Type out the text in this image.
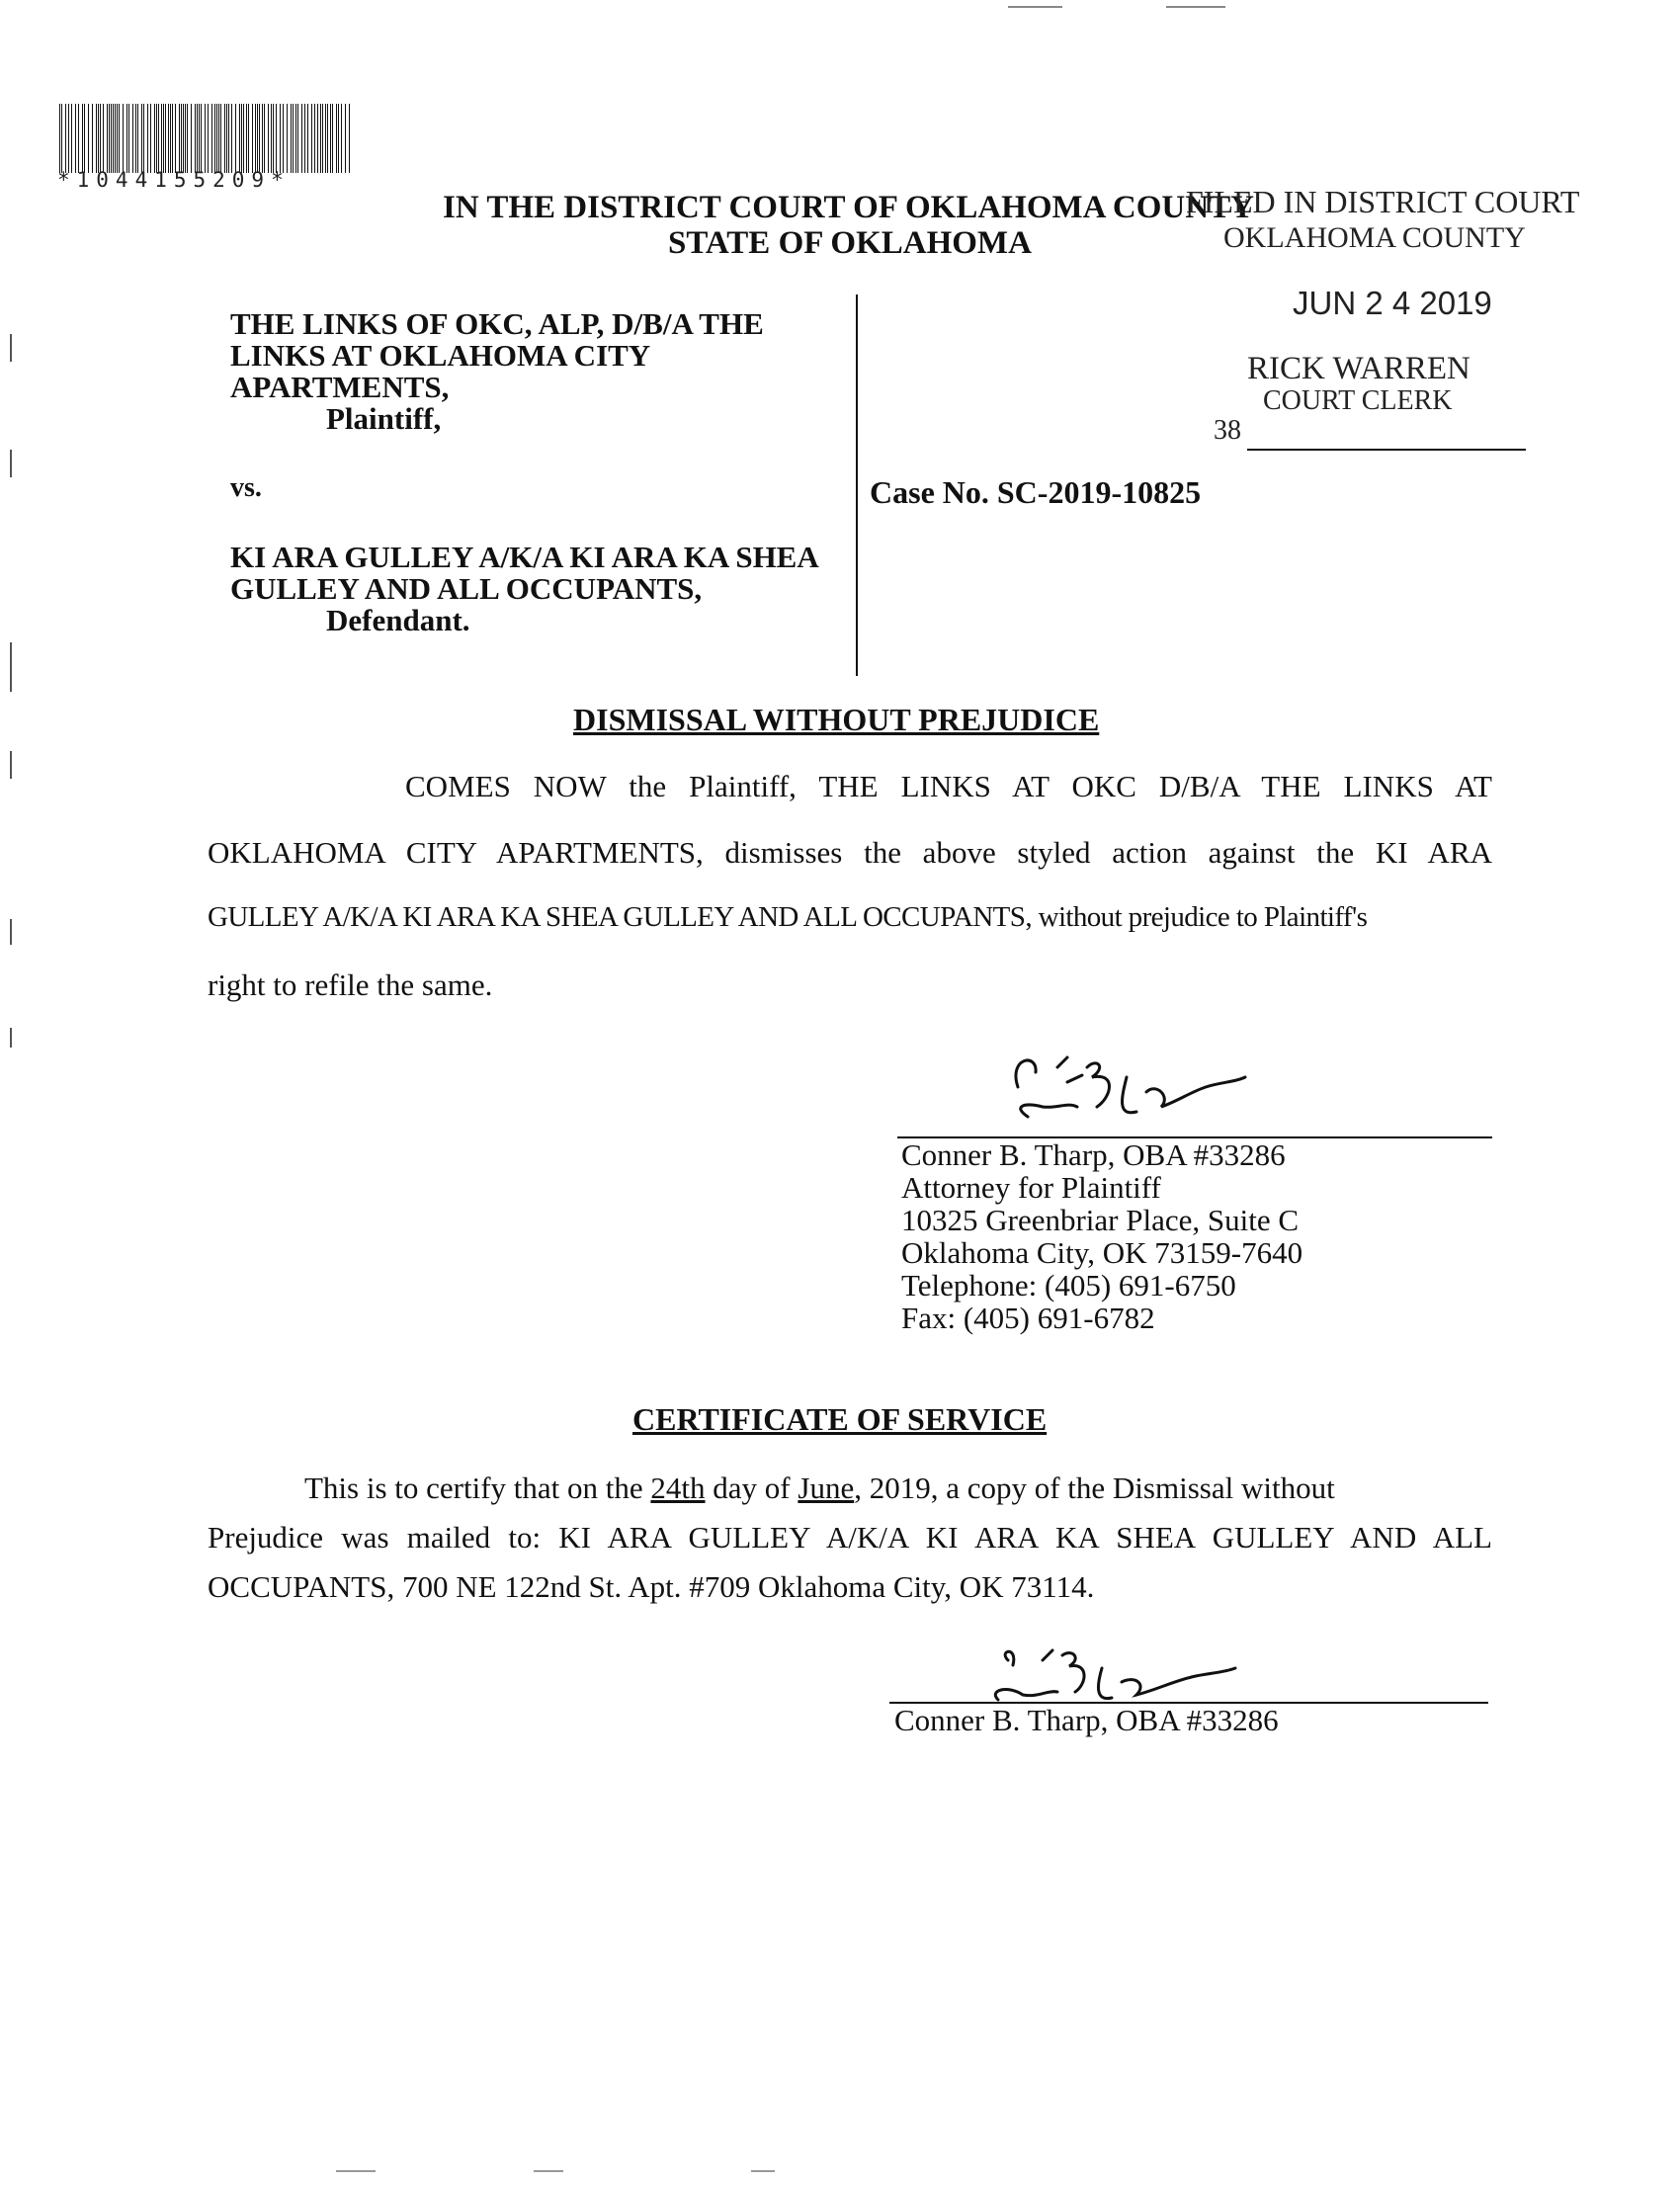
*1044155209*
IN THE DISTRICT COURT OF OKLAHOMA COUNTY
STATE OF OKLAHOMA
FILED IN DISTRICT COURT
OKLAHOMA COUNTY
JUN 2 4 2019
RICK WARREN
COURT CLERK
38
THE LINKS OF OKC, ALP, D/B/A THE
LINKS AT OKLAHOMA CITY
APARTMENTS,
Plaintiff,
vs.
KI ARA GULLEY A/K/A KI ARA KA SHEA
GULLEY AND ALL OCCUPANTS,
Defendant.
Case No. SC-2019-10825
DISMISSAL WITHOUT PREJUDICE
COMES NOW the Plaintiff, THE LINKS AT OKC D/B/A THE LINKS AT
OKLAHOMA CITY APARTMENTS, dismisses the above styled action against the KI ARA
GULLEY A/K/A KI ARA KA SHEA GULLEY AND ALL OCCUPANTS, without prejudice to Plaintiff's
right to refile the same.
Conner B. Tharp, OBA #33286
Attorney for Plaintiff
10325 Greenbriar Place, Suite C
Oklahoma City, OK 73159-7640
Telephone: (405) 691-6750
Fax: (405) 691-6782
CERTIFICATE OF SERVICE
This is to certify that on the 24th day of June, 2019, a copy of the Dismissal without
Prejudice was mailed to: KI ARA GULLEY A/K/A KI ARA KA SHEA GULLEY AND ALL
OCCUPANTS, 700 NE 122nd St. Apt. #709 Oklahoma City, OK 73114.
Conner B. Tharp, OBA #33286
